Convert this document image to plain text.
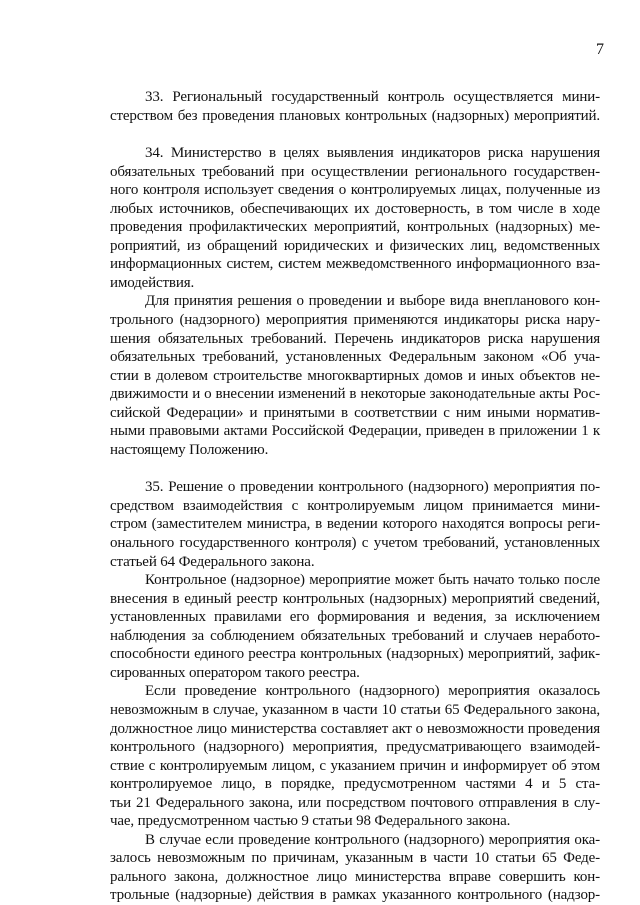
7
33. Региональный государственный контроль осуществляется мини-
стерством без проведения плановых контрольных (надзорных) мероприятий.
34. Министерство в целях выявления индикаторов риска нарушения
обязательных требований при осуществлении регионального государствен-
ного контроля использует сведения о контролируемых лицах, полученные из
любых источников, обеспечивающих их достоверность, в том числе в ходе
проведения профилактических мероприятий, контрольных (надзорных) ме-
роприятий, из обращений юридических и физических лиц, ведомственных
информационных систем, систем межведомственного информационного вза-
имодействия.
Для принятия решения о проведении и выборе вида внепланового кон-
трольного (надзорного) мероприятия применяются индикаторы риска нару-
шения обязательных требований. Перечень индикаторов риска нарушения
обязательных требований, установленных Федеральным законом «Об уча-
стии в долевом строительстве многоквартирных домов и иных объектов не-
движимости и о внесении изменений в некоторые законодательные акты Рос-
сийской Федерации» и принятыми в соответствии с ним иными норматив-
ными правовыми актами Российской Федерации, приведен в приложении 1 к
настоящему Положению.
35. Решение о проведении контрольного (надзорного) мероприятия по-
средством взаимодействия с контролируемым лицом принимается мини-
стром (заместителем министра, в ведении которого находятся вопросы реги-
онального государственного контроля) с учетом требований, установленных
статьей 64 Федерального закона.
Контрольное (надзорное) мероприятие может быть начато только после
внесения в единый реестр контрольных (надзорных) мероприятий сведений,
установленных правилами его формирования и ведения, за исключением
наблюдения за соблюдением обязательных требований и случаев неработо-
способности единого реестра контрольных (надзорных) мероприятий, зафик-
сированных оператором такого реестра.
Если проведение контрольного (надзорного) мероприятия оказалось
невозможным в случае, указанном в части 10 статьи 65 Федерального закона,
должностное лицо министерства составляет акт о невозможности проведения
контрольного (надзорного) мероприятия, предусматривающего взаимодей-
ствие с контролируемым лицом, с указанием причин и информирует об этом
контролируемое лицо, в порядке, предусмотренном частями 4 и 5 ста-
тьи 21 Федерального закона, или посредством почтового отправления в слу-
чае, предусмотренном частью 9 статьи 98 Федерального закона.
В случае если проведение контрольного (надзорного) мероприятия ока-
залось невозможным по причинам, указанным в части 10 статьи 65 Феде-
рального закона, должностное лицо министерства вправе совершить кон-
трольные (надзорные) действия в рамках указанного контрольного (надзор-
